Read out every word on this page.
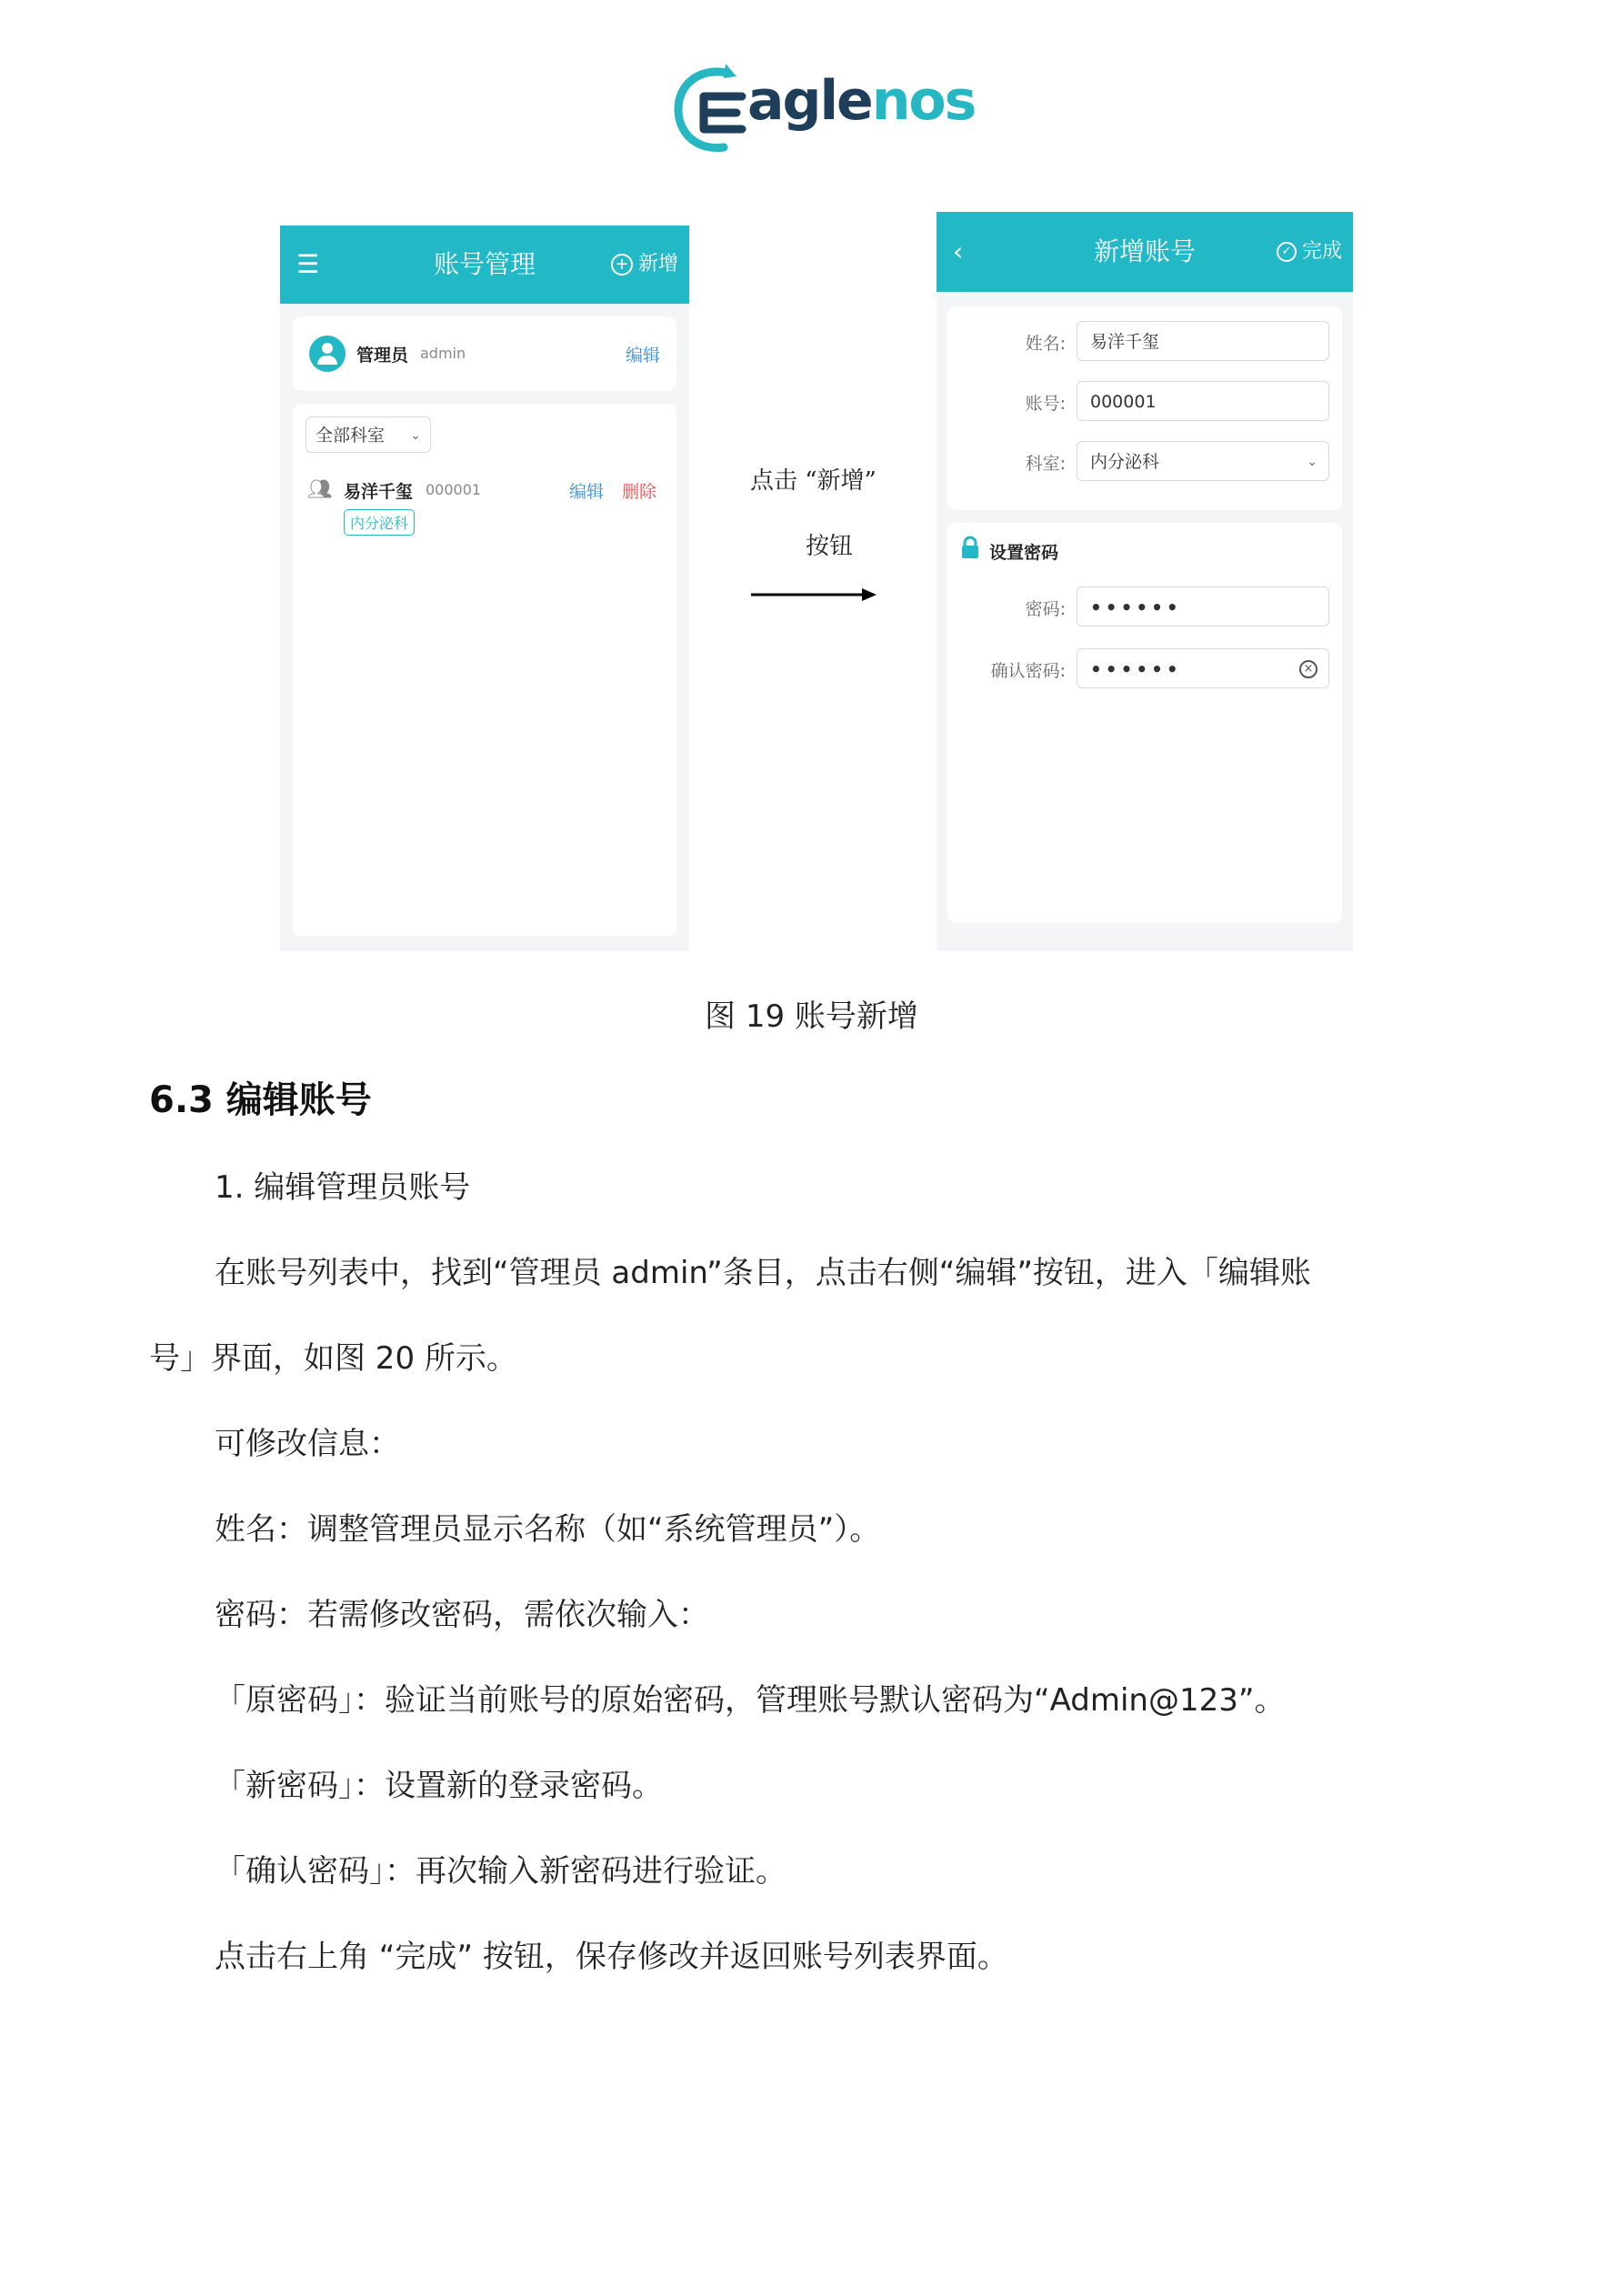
aglenos
☰	账号管理	+ 新增
管理员 admin	编辑
全部科室 ⌄
👥︎ 易洋千玺 000001	编辑 删除
内分泌科
点击 “新增”
按钮
‹	新增账号	✓ 完成
姓名:	易洋千玺
账号:	000001
科室:	内分泌科	⌄
设置密码
密码:	••••••
确认密码:	••••••	×
图 19 账号新增
6.3 编辑账号
1. 编辑管理员账号
在账号列表中，找到“管理员 admin”条目，点击右侧“编辑”按钮，进入「编辑账
号」界面，如图 20 所示。
可修改信息：
姓名：调整管理员显示名称（如“系统管理员”）。
密码：若需修改密码，需依次输入：
「原密码」：验证当前账号的原始密码，管理账号默认密码为“Admin@123”。
「新密码」：设置新的登录密码。
「确认密码」：再次输入新密码进行验证。
点击右上角 “完成” 按钮，保存修改并返回账号列表界面。
